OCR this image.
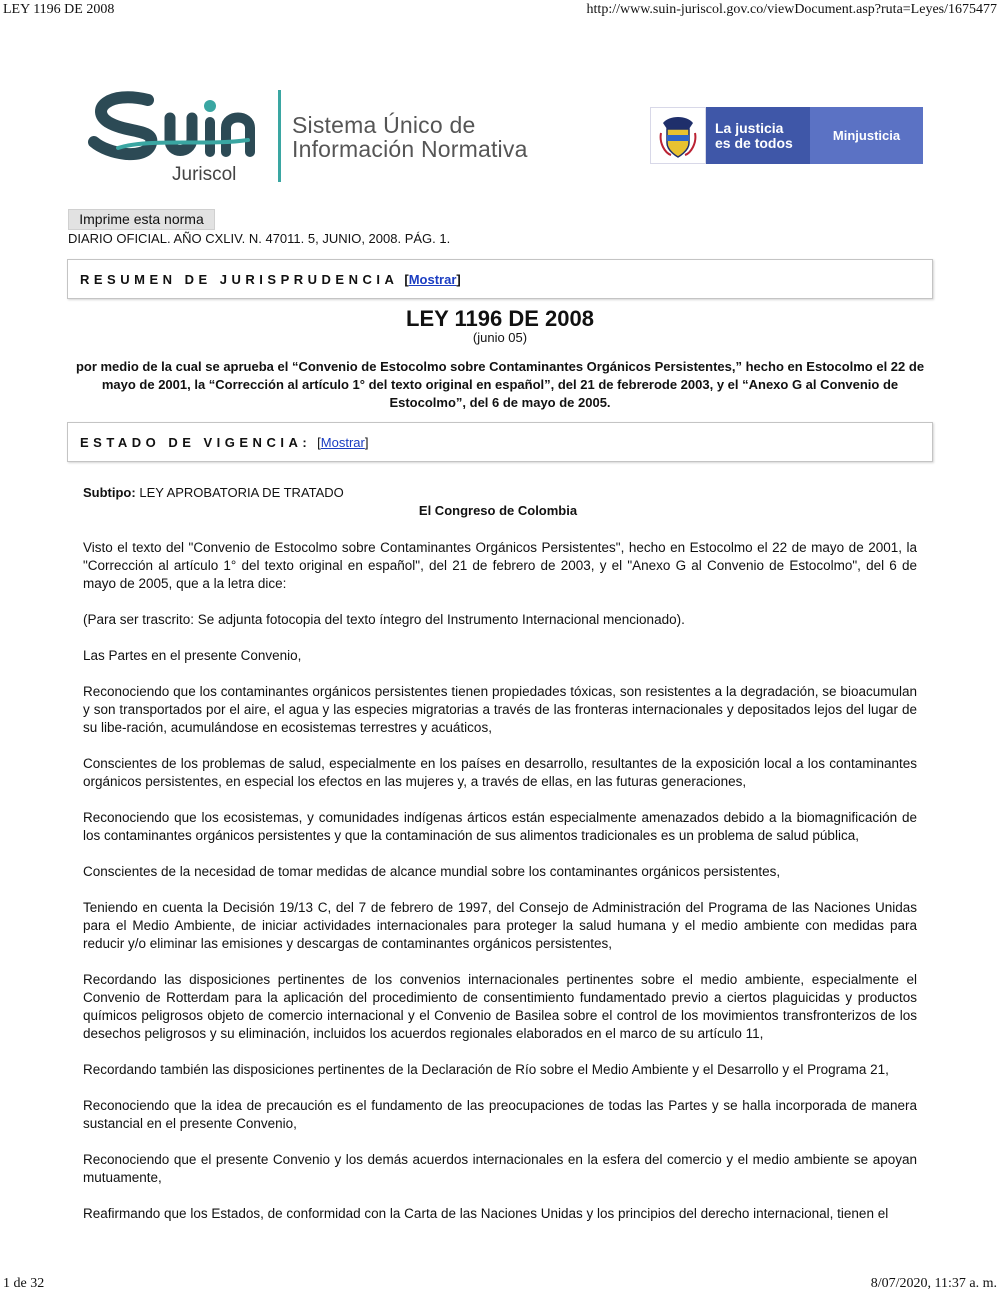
LEY 1196 DE 2008	http://www.suin-juriscol.gov.co/viewDocument.asp?ruta=Leyes/1675477
Juriscol
Sistema Único de
Información Normativa
La justicia
es de todos	Minjusticia
Imprime esta norma
DIARIO OFICIAL. AÑO CXLIV. N. 47011. 5, JUNIO, 2008. PÁG. 1.
RESUMEN DE JURISPRUDENCIA [ Mostrar ]
LEY 1196 DE 2008
(junio 05)
por medio de la cual se aprueba el “Convenio de Estocolmo sobre Contaminantes Orgánicos Persistentes,” hecho en Estocolmo el 22 de mayo de 2001, la “Corrección al artículo 1° del texto original en español”, del 21 de febrerode 2003, y el “Anexo G al Convenio de Estocolmo”, del 6 de mayo de 2005.
ESTADO DE VIGENCIA: [ Mostrar ]
Subtipo: LEY APROBATORIA DE TRATADO
El Congreso de Colombia

Visto el texto del "Convenio de Estocolmo sobre Contaminantes Orgánicos Persistentes", hecho en Estocolmo el 22 de mayo de 2001, la "Corrección al artículo 1° del texto original en español", del 21 de febrero de 2003, y el "Anexo G al Convenio de Estocolmo", del 6 de mayo de 2005, que a la letra dice:

(Para ser trascrito: Se adjunta fotocopia del texto íntegro del Instrumento Internacional mencionado).

Las Partes en el presente Convenio,

Reconociendo que los contaminantes orgánicos persistentes tienen propiedades tóxicas, son resistentes a la degradación, se bioacumulan y son transportados por el aire, el agua y las especies migratorias a través de las fronteras internacionales y depositados lejos del lugar de su libe-ración, acumulándose en ecosistemas terrestres y acuáticos,

Conscientes de los problemas de salud, especialmente en los países en desarrollo, resultantes de la exposición local a los contaminantes orgánicos persistentes, en especial los efectos en las mujeres y, a través de ellas, en las futuras generaciones,

Reconociendo que los ecosistemas, y comunidades indígenas árticos están especialmente amenazados debido a la biomagnificación de los contaminantes orgánicos persistentes y que la contaminación de sus alimentos tradicionales es un problema de salud pública,

Conscientes de la necesidad de tomar medidas de alcance mundial sobre los contaminantes orgánicos persistentes,

Teniendo en cuenta la Decisión 19/13 C, del 7 de febrero de 1997, del Consejo de Administración del Programa de las Naciones Unidas para el Medio Ambiente, de iniciar actividades internacionales para proteger la salud humana y el medio ambiente con medidas para reducir y/o eliminar las emisiones y descargas de contaminantes orgánicos persistentes,

Recordando las disposiciones pertinentes de los convenios internacionales pertinentes sobre el medio ambiente, especialmente el Convenio de Rotterdam para la aplicación del procedimiento de consentimiento fundamentado previo a ciertos plaguicidas y productos químicos peligrosos objeto de comercio internacional y el Convenio de Basilea sobre el control de los movimientos transfronterizos de los desechos peligrosos y su eliminación, incluidos los acuerdos regionales elaborados en el marco de su artículo 11,

Recordando también las disposiciones pertinentes de la Declaración de Río sobre el Medio Ambiente y el Desarrollo y el Programa 21,

Reconociendo que la idea de precaución es el fundamento de las preocupaciones de todas las Partes y se halla incorporada de manera sustancial en el presente Convenio,

Reconociendo que el presente Convenio y los demás acuerdos internacionales en la esfera del comercio y el medio ambiente se apoyan mutuamente,

Reafirmando que los Estados, de conformidad con la Carta de las Naciones Unidas y los principios del derecho internacional, tienen el

1 de 32	8/07/2020, 11:37 a. m.
